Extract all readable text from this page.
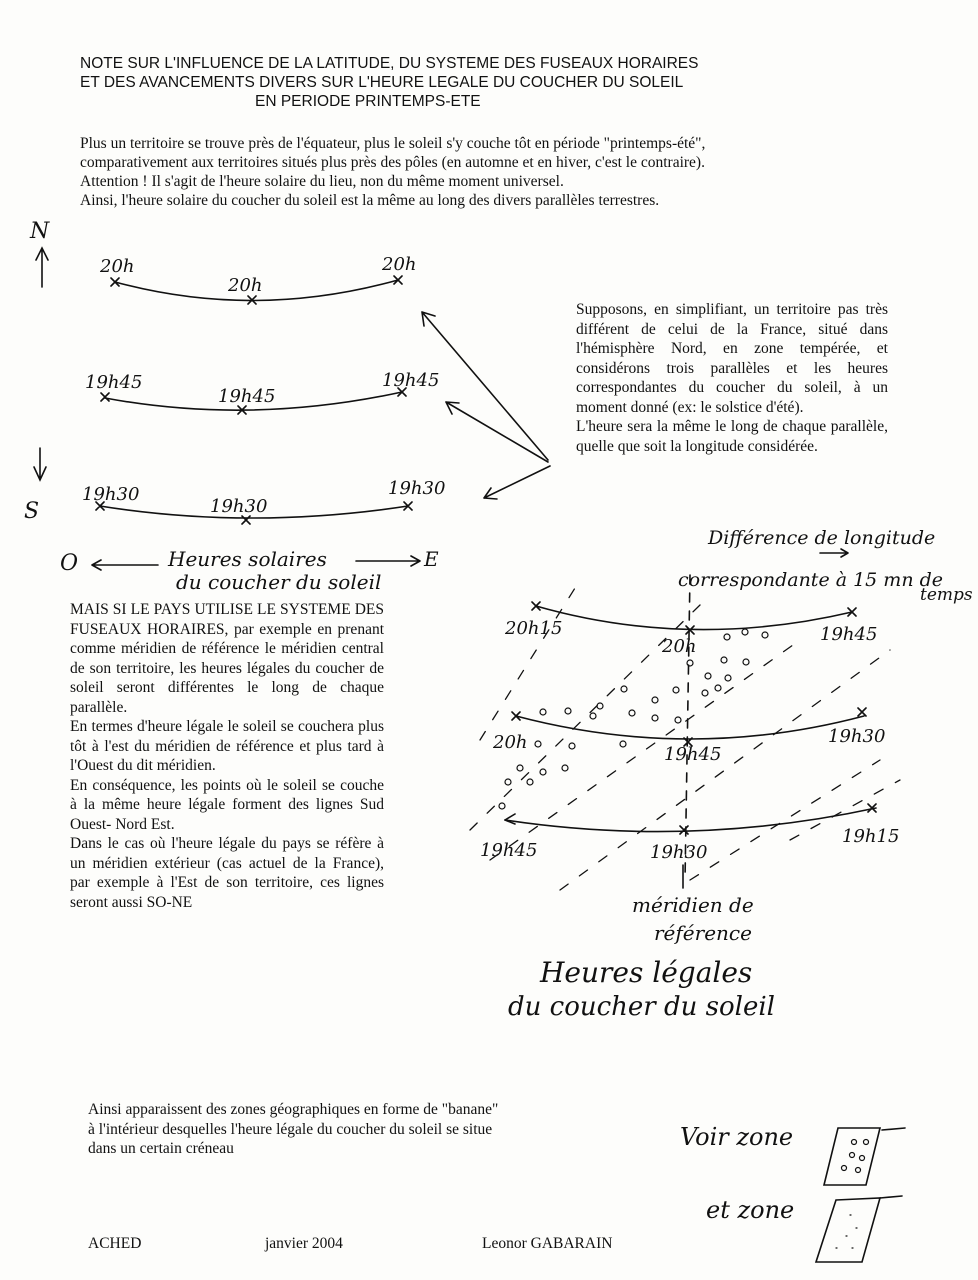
NOTE SUR L'INFLUENCE DE LA LATITUDE, DU SYSTEME DES FUSEAUX HORAIRES
ET DES AVANCEMENTS DIVERS SUR L'HEURE LEGALE DU COUCHER DU SOLEIL
EN PERIODE PRINTEMPS-ETE

Plus un territoire se trouve près de l'équateur, plus le soleil s'y couche tôt en période "printemps-été",

comparativement aux territoires situés plus près des pôles (en automne et en hiver, c'est le contraire).

Attention ! Il s'agit de l'heure solaire du lieu, non du même moment universel.

Ainsi, l'heure solaire du coucher du soleil est la même au long des divers parallèles terrestres.

Supposons, en simplifiant, un territoire pas très différent de celui de la France, situé dans l'hémisphère Nord, en zone tempérée, et considérons trois parallèles et les heures correspondantes du coucher du soleil, à un moment donné (ex: le solstice d'été).

L'heure sera la même le long de chaque parallèle, quelle que soit la longitude considérée.

MAIS SI LE PAYS UTILISE LE SYSTEME DES FUSEAUX HORAIRES, par exemple en prenant comme méridien de référence le méridien central de son territoire, les heures légales du coucher de soleil seront différentes le long de chaque parallèle.

En termes d'heure légale le soleil se couchera plus tôt à l'est du méridien de référence et plus tard à l'Ouest du dit méridien.

En conséquence, les points où le soleil se couche à la même heure légale forment des lignes Sud Ouest- Nord Est.

Dans le cas où l'heure légale du pays se réfère à un méridien extérieur (cas actuel de la France), par exemple à l'Est de son territoire, ces lignes seront aussi SO-NE

Ainsi apparaissent des zones géographiques en forme de "banane"

à l'intérieur desquelles l'heure légale du coucher du soleil se situe

dans un certain créneau

ACHED	janvier 2004	Leonor GABARAIN
N
S
20h
20h
20h
19h45
19h45
19h45
19h30
19h30
19h30
O	Heures solaires	E
du coucher du soleil
Différence de longitude
correspondante à 15 mn de
temps
20h15
20h
19h45
20h
19h45
19h30
19h45	19h30
19h15
méridien de
référence
Heures légales
du coucher du soleil
Voir zone
et zone
